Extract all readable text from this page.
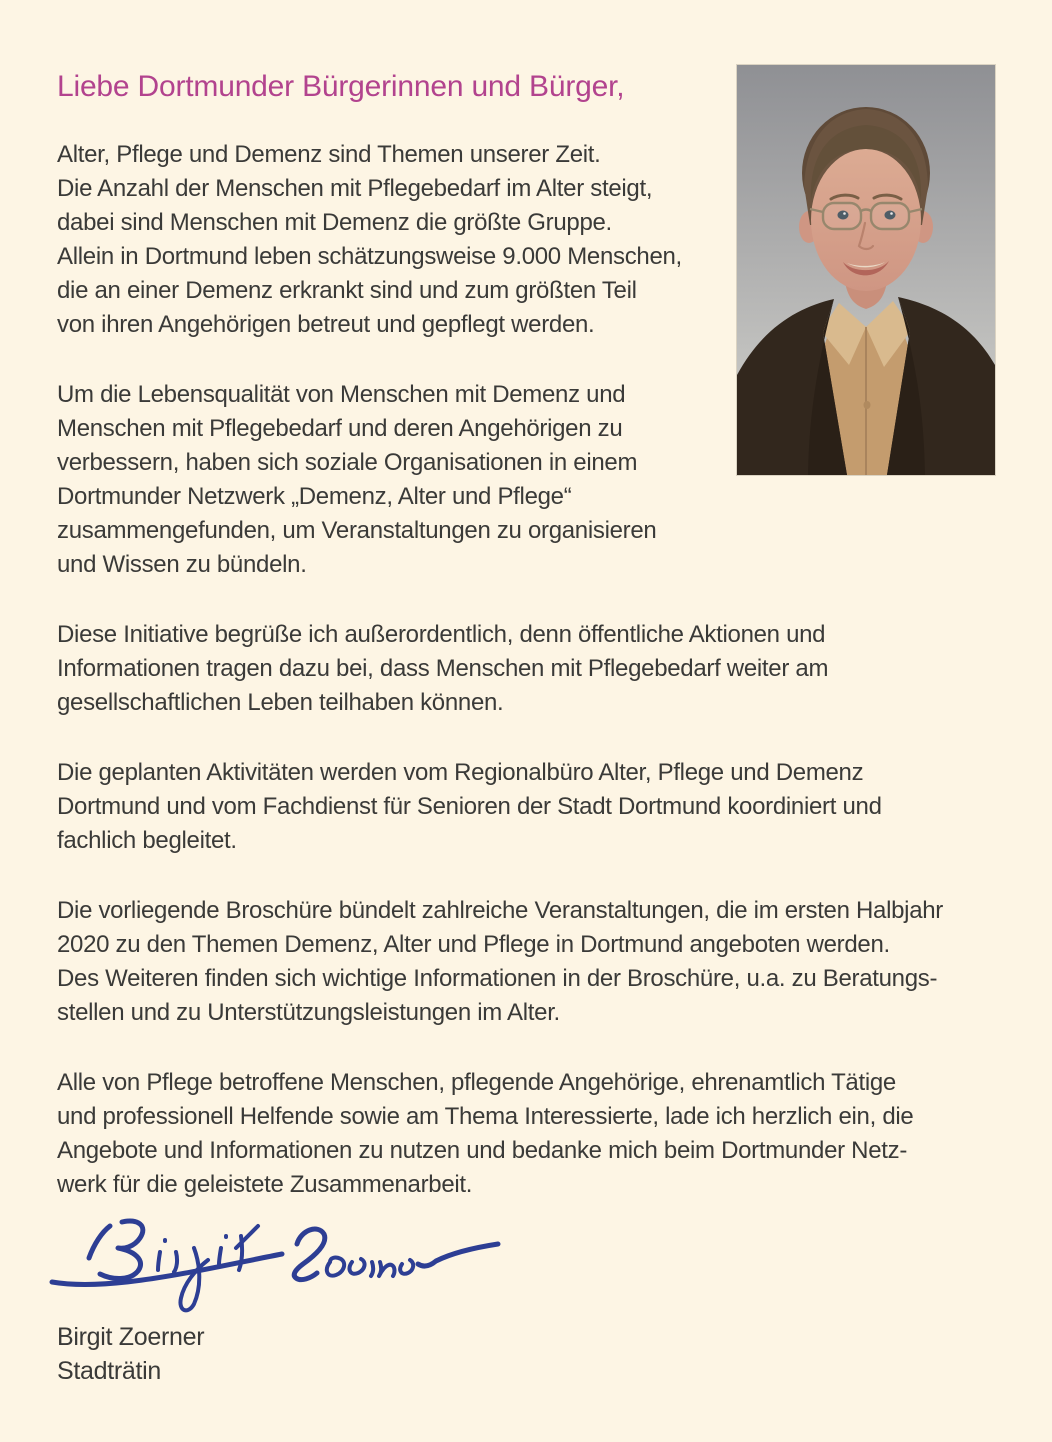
Liebe Dortmunder Bürgerinnen und Bürger,
Alter, Pflege und Demenz sind Themen unserer Zeit.
Die Anzahl der Menschen mit Pflegebedarf im Alter steigt,
dabei sind Menschen mit Demenz die größte Gruppe.
Allein in Dortmund leben schätzungsweise 9.000 Menschen,
die an einer Demenz erkrankt sind und zum größten Teil
von ihren Angehörigen betreut und gepflegt werden.
Um die Lebensqualität von Menschen mit Demenz und
Menschen mit Pflegebedarf und deren Angehörigen zu
verbessern, haben sich soziale Organisationen in einem
Dortmunder Netzwerk „Demenz, Alter und Pflege“
zusammengefunden, um Veranstaltungen zu organisieren
und Wissen zu bündeln.
Diese Initiative begrüße ich außerordentlich, denn öffentliche Aktionen und
Informationen tragen dazu bei, dass Menschen mit Pflegebedarf weiter am
gesellschaftlichen Leben teilhaben können.
Die geplanten Aktivitäten werden vom Regionalbüro Alter, Pflege und Demenz
Dortmund und vom Fachdienst für Senioren der Stadt Dortmund koordiniert und
fachlich begleitet.
Die vorliegende Broschüre bündelt zahlreiche Veranstaltungen, die im ersten Halbjahr
2020 zu den Themen Demenz, Alter und Pflege in Dortmund angeboten werden.
Des Weiteren finden sich wichtige Informationen in der Broschüre, u.a. zu Beratungs-
stellen und zu Unterstützungsleistungen im Alter.
Alle von Pflege betroffene Menschen, pflegende Angehörige, ehrenamtlich Tätige
und professionell Helfende sowie am Thema Interessierte, lade ich herzlich ein, die
Angebote und Informationen zu nutzen und bedanke mich beim Dortmunder Netz-
werk für die geleistete Zusammenarbeit.
Birgit Zoerner
Stadträtin
